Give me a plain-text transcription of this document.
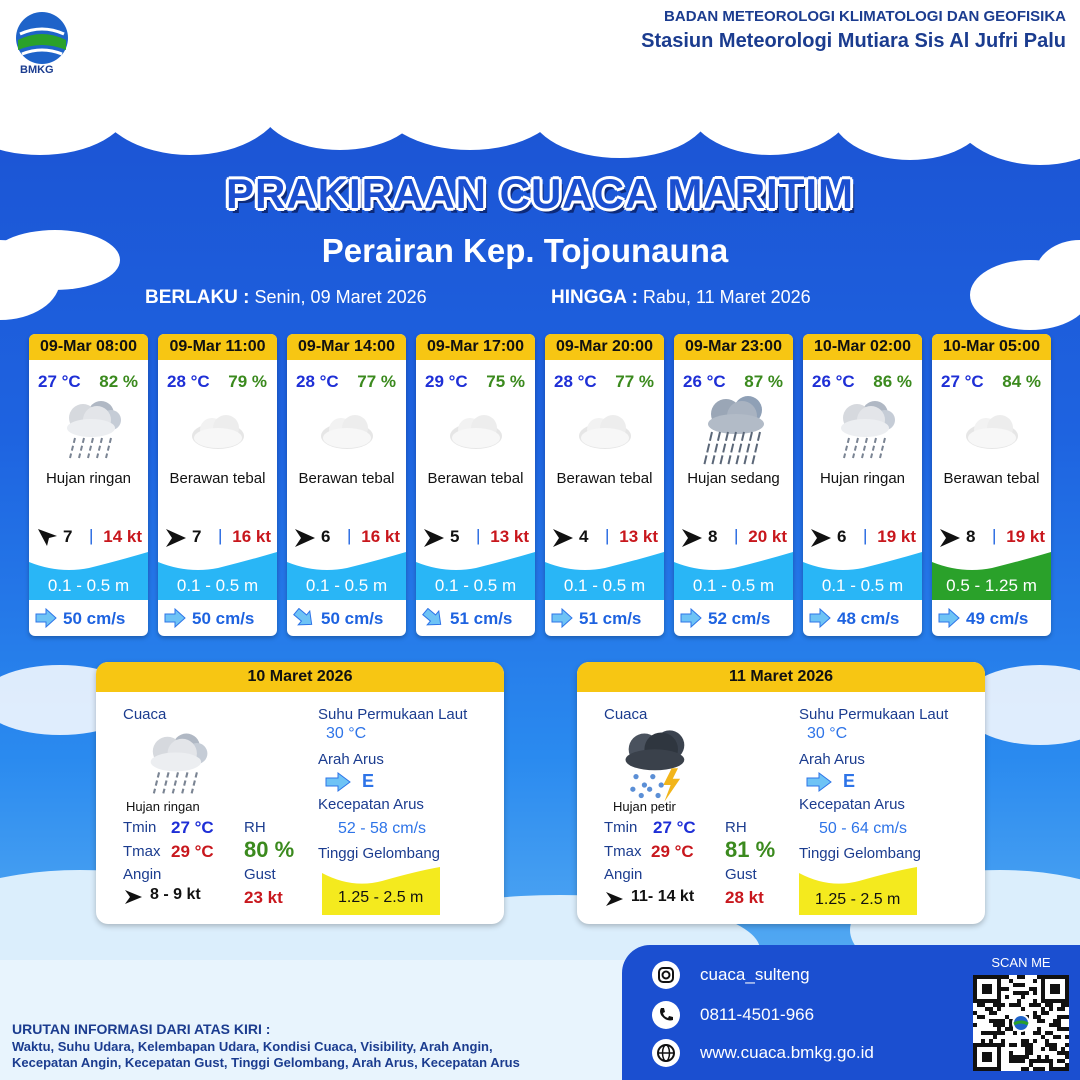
BMKG
BADAN METEOROLOGI KLIMATOLOGI DAN GEOFISIKA
Stasiun Meteorologi Mutiara Sis Al Jufri Palu
PRAKIRAAN CUACA MARITIM
Perairan Kep. Tojounauna
BERLAKU : Senin, 09 Maret 2026	HINGGA : Rabu, 11 Maret 2026
09-Mar 08:00
27 °C 82 %
Hujan ringan
7 | 14 kt
0.1 - 0.5 m
50 cm/s
09-Mar 11:00
28 °C 79 %
Berawan tebal
7 | 16 kt
0.1 - 0.5 m
50 cm/s
09-Mar 14:00
28 °C 77 %
Berawan tebal
6 | 16 kt
0.1 - 0.5 m
50 cm/s
09-Mar 17:00
29 °C 75 %
Berawan tebal
5 | 13 kt
0.1 - 0.5 m
51 cm/s
09-Mar 20:00
28 °C 77 %
Berawan tebal
4 | 13 kt
0.1 - 0.5 m
51 cm/s
09-Mar 23:00
26 °C 87 %
Hujan sedang
8 | 20 kt
0.1 - 0.5 m
52 cm/s
10-Mar 02:00
26 °C 86 %
Hujan ringan
6 | 19 kt
0.1 - 0.5 m
48 cm/s
10-Mar 05:00
27 °C 84 %
Berawan tebal
8 | 19 kt
0.5 - 1.25 m
49 cm/s
10 Maret 2026
Cuaca
Hujan ringan
Tmin 27 °C
Tmax 29 °C
Angin
8 - 9 kt
RH
80 %
Gust
23 kt
Suhu Permukaan Laut
30 °C
Arah Arus
E
Kecepatan Arus
52 - 58 cm/s
Tinggi Gelombang
1.25 - 2.5 m
11 Maret 2026
Cuaca
Hujan petir
Tmin 27 °C
Tmax 29 °C
Angin
11- 14 kt
RH
81 %
Gust
28 kt
Suhu Permukaan Laut
30 °C
Arah Arus
E
Kecepatan Arus
50 - 64 cm/s
Tinggi Gelombang
1.25 - 2.5 m
URUTAN INFORMASI DARI ATAS KIRI :
Waktu, Suhu Udara, Kelembapan Udara, Kondisi Cuaca, Visibility, Arah Angin,
Kecepatan Angin, Kecepatan Gust, Tinggi Gelombang, Arah Arus, Kecepatan Arus
cuaca_sulteng
0811-4501-966
www.cuaca.bmkg.go.id
SCAN ME
